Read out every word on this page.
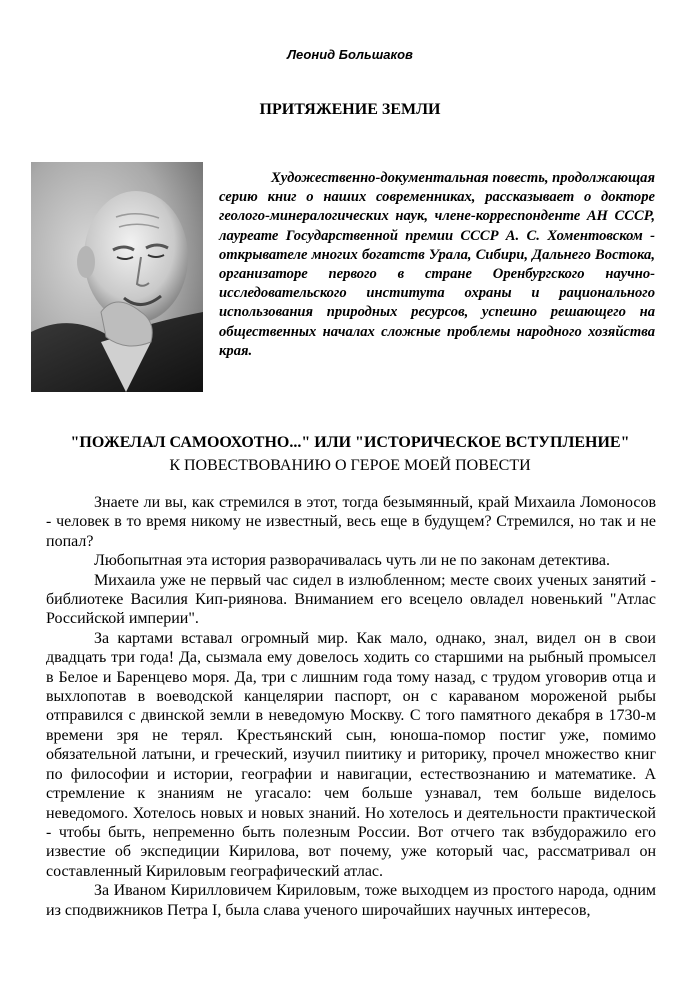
Леонид Большаков
ПРИТЯЖЕНИЕ ЗЕМЛИ

Художественно-документальная повесть, продолжающая серию книг о наших современниках, рассказывает о докторе геолого-минералогических наук, члене-корреспонденте АН СССР, лауреате Государственной премии СССР А. С. Хоментовском - открывателе многих богатств Урала, Сибири, Дальнего Востока, организаторе первого в стране Оренбургского научно-исследовательского института охраны и рационального использования природных ресурсов, успешно решающего на общественных началах сложные проблемы народного хозяйства края.

"ПОЖЕЛАЛ САМООХОТНО..." ИЛИ "ИСТОРИЧЕСКОЕ ВСТУПЛЕНИЕ"
К ПОВЕСТВОВАНИЮ О ГЕРОЕ МОЕЙ ПОВЕСТИ

Знаете ли вы, как стремился в этот, тогда безымянный, край Михаила Ломоносов - человек в то время никому не известный, весь еще в будущем? Стремился, но так и не попал?

Любопытная эта история разворачивалась чуть ли не по законам детектива.

Михаила уже не первый час сидел в излюбленном; месте своих ученых занятий - библиотеке Василия Кип-риянова. Вниманием его всецело овладел новенький "Атлас Российской империи".

За картами вставал огромный мир. Как мало, однако, знал, видел он в свои двадцать три года! Да, сызмала ему довелось ходить со старшими на рыбный промысел в Белое и Баренцево моря. Да, три с лишним года тому назад, с трудом уговорив отца и выхлопотав в воеводской канцелярии паспорт, он с караваном мороженой рыбы отправился с двинской земли в неведомую Москву. С того памятного декабря в 1730-м времени зря не терял. Крестьянский сын, юноша-помор постиг уже, помимо обязательной латыни, и греческий, изучил пиитику и риторику, прочел множество книг по философии и истории, географии и навигации, естествознанию и математике. А стремление к знаниям не угасало: чем больше узнавал, тем больше виделось неведомого. Хотелось новых и новых знаний. Но хотелось и деятельности практической - чтобы быть, непременно быть полезным России. Вот отчего так взбудоражило его известие об экспедиции Кирилова, вот почему, уже который час, рассматривал он составленный Кириловым географический атлас.

За Иваном Кирилловичем Кириловым, тоже выходцем из простого народа, одним из сподвижников Петра I, была слава ученого широчайших научных интересов,
